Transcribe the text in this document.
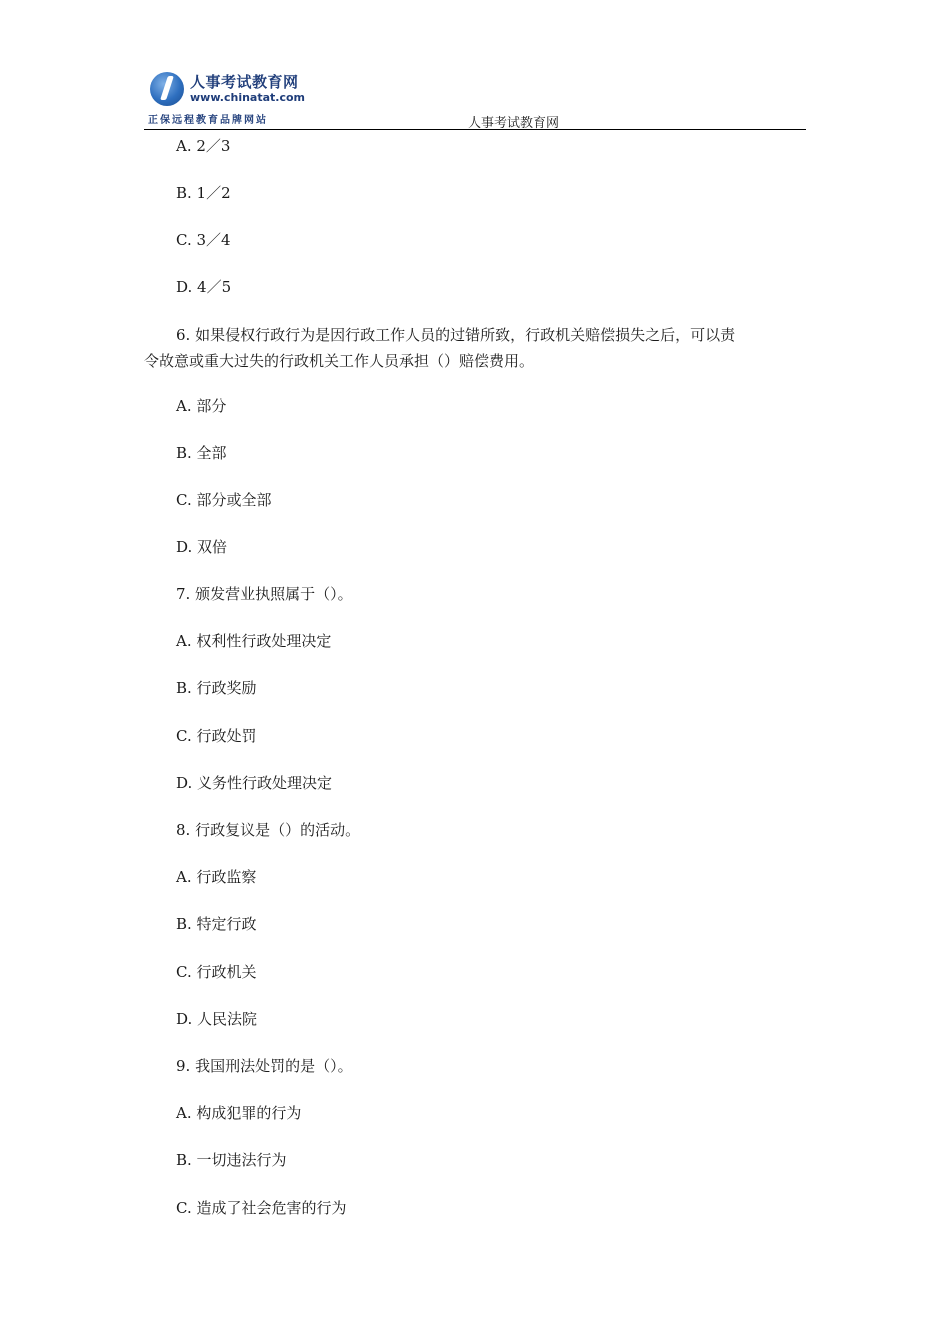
人事考试教育网
www.chinatat.com
正保远程教育品牌网站	人事考试教育网
A. 2／3
B. 1／2
C. 3／4
D. 4／5
6. 如果侵权行政行为是因行政工作人员的过错所致，行政机关赔偿损失之后，可以责
令故意或重大过失的行政机关工作人员承担（）赔偿费用。
A. 部分
B. 全部
C. 部分或全部
D. 双倍
7. 颁发营业执照属于（）。
A. 权利性行政处理决定
B. 行政奖励
C. 行政处罚
D. 义务性行政处理决定
8. 行政复议是（）的活动。
A. 行政监察
B. 特定行政
C. 行政机关
D. 人民法院
9. 我国刑法处罚的是（）。
A. 构成犯罪的行为
B. 一切违法行为
C. 造成了社会危害的行为
